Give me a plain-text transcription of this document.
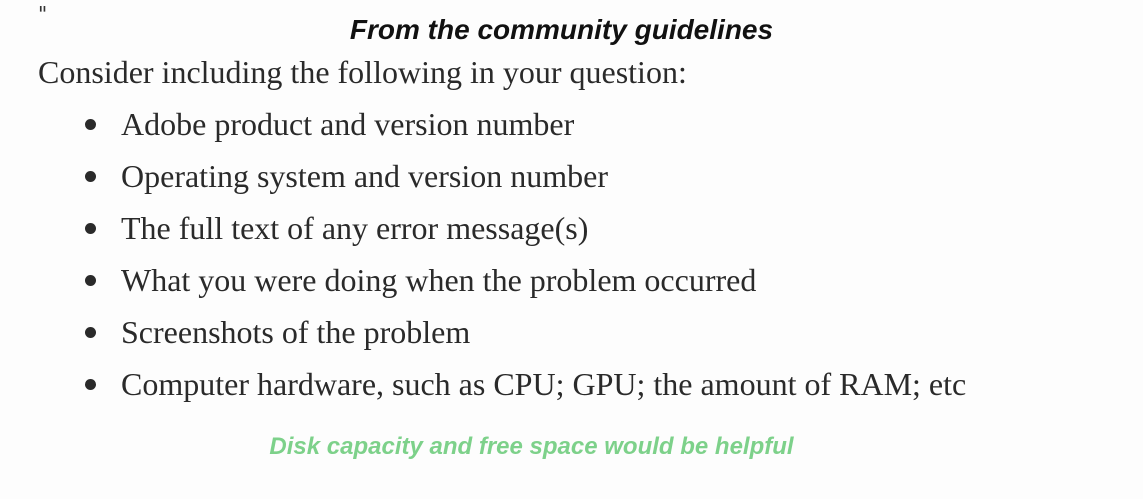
"	From the community guidelines
Consider including the following in your question:
Adobe product and version number
Operating system and version number
The full text of any error message(s)
What you were doing when the problem occurred
Screenshots of the problem
Computer hardware, such as CPU; GPU; the amount of RAM; etc
Disk capacity and free space would be helpful
